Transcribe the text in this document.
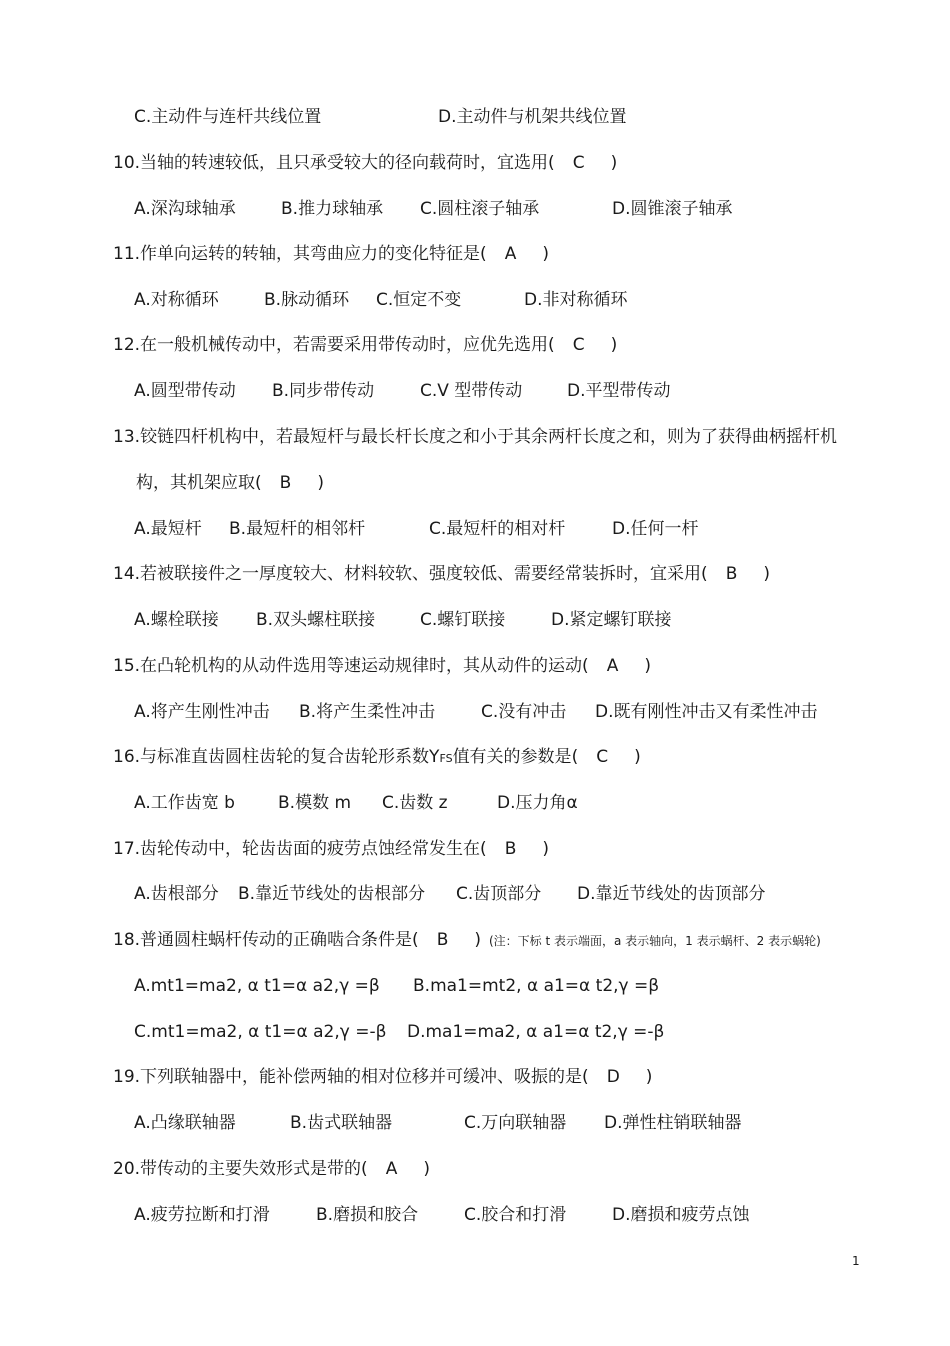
C.主动件与连杆共线位置	D.主动件与机架共线位置
10.当轴的转速较低，且只承受较大的径向载荷时，宜选用( C )
A.深沟球轴承	B.推力球轴承 C.圆柱滚子轴承	D.圆锥滚子轴承
11.作单向运转的转轴，其弯曲应力的变化特征是( A )
A.对称循环	B.脉动循环 C.恒定不变	D.非对称循环
12.在一般机械传动中，若需要采用带传动时，应优先选用( C )
A.圆型带传动 B.同步带传动	C.V 型带传动	D.平型带传动
13.铰链四杆机构中，若最短杆与最长杆长度之和小于其余两杆长度之和，则为了获得曲柄摇杆机
构，其机架应取( B )
A.最短杆 B.最短杆的相邻杆	C.最短杆的相对杆	D.任何一杆
14.若被联接件之一厚度较大、材料较软、强度较低、需要经常装拆时，宜采用( B )
A.螺栓联接 B.双头螺柱联接	C.螺钉联接	D.紧定螺钉联接
15.在凸轮机构的从动件选用等速运动规律时，其从动件的运动( A )
A.将产生刚性冲击 B.将产生柔性冲击	C.没有冲击 D.既有刚性冲击又有柔性冲击
16.与标准直齿圆柱齿轮的复合齿轮形系数YFS值有关的参数是( C )
A.工作齿宽 b	B.模数 m C.齿数 z	D.压力角α
17.齿轮传动中，轮齿齿面的疲劳点蚀经常发生在( B )
A.齿根部分 B.靠近节线处的齿根部分 C.齿顶部分 D.靠近节线处的齿顶部分
18.普通圆柱蜗杆传动的正确啮合条件是( B ) (注：下标 t 表示端面，a 表示轴向，1 表示蜗杆、2 表示蜗轮)
A.mt1=ma2, α t1=α a2,γ =β B.ma1=mt2, α a1=α t2,γ =β
C.mt1=ma2, α t1=α a2,γ =-β D.ma1=ma2, α a1=α t2,γ =-β
19.下列联轴器中，能补偿两轴的相对位移并可缓冲、吸振的是( D )
A.凸缘联轴器	B.齿式联轴器	C.万向联轴器 D.弹性柱销联轴器
20.带传动的主要失效形式是带的( A )
A.疲劳拉断和打滑	B.磨损和胶合	C.胶合和打滑	D.磨损和疲劳点蚀
1
